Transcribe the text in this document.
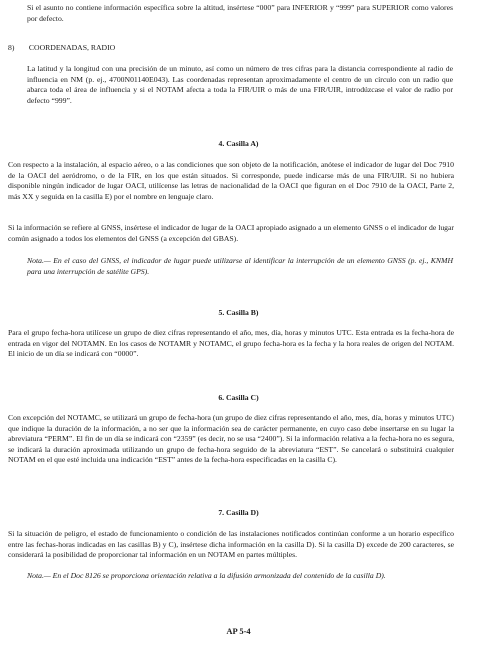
Si el asunto no contiene información específica sobre la altitud, insértese “000” para INFERIOR y “999” para SUPERIOR como valores por defecto.

8) COORDENADAS, RADIO

La latitud y la longitud con una precisión de un minuto, así como un número de tres cifras para la distancia correspondiente al radio de influencia en NM (p. ej., 4700N01140E043). Las coordenadas representan aproximadamente el centro de un círculo con un radio que abarca toda el área de influencia y si el NOTAM afecta a toda la FIR/UIR o más de una FIR/UIR, introdúzcase el valor de radio por defecto “999”.

4. Casilla A)

Con respecto a la instalación, al espacio aéreo, o a las condiciones que son objeto de la notificación, anótese el indicador de lugar del Doc 7910 de la OACI del aeródromo, o de la FIR, en los que están situados. Si corresponde, puede indicarse más de una FIR/UIR. Si no hubiera disponible ningún indicador de lugar OACI, utilícense las letras de nacionalidad de la OACI que figuran en el Doc 7910 de la OACI, Parte 2, más XX y seguida en la casilla E) por el nombre en lenguaje claro.

Si la información se refiere al GNSS, insértese el indicador de lugar de la OACI apropiado asignado a un elemento GNSS o el indicador de lugar común asignado a todos los elementos del GNSS (a excepción del GBAS).

Nota.— En el caso del GNSS, el indicador de lugar puede utilizarse al identificar la interrupción de un elemento GNSS (p. ej., KNMH para una interrupción de satélite GPS).

5. Casilla B)

Para el grupo fecha-hora utilícese un grupo de diez cifras representando el año, mes, día, horas y minutos UTC. Esta entrada es la fecha-hora de entrada en vigor del NOTAMN. En los casos de NOTAMR y NOTAMC, el grupo fecha-hora es la fecha y la hora reales de origen del NOTAM. El inicio de un día se indicará con “0000”.

6. Casilla C)

Con excepción del NOTAMC, se utilizará un grupo de fecha-hora (un grupo de diez cifras representando el año, mes, día, horas y minutos UTC) que indique la duración de la información, a no ser que la información sea de carácter permanente, en cuyo caso debe insertarse en su lugar la abreviatura “PERM”. El fin de un día se indicará con “2359” (es decir, no se usa “2400”). Si la información relativa a la fecha-hora no es segura, se indicará la duración aproximada utilizando un grupo de fecha-hora seguido de la abreviatura “EST”. Se cancelará o substituirá cualquier NOTAM en el que esté incluida una indicación “EST” antes de la fecha-hora especificadas en la casilla C).

7. Casilla D)

Si la situación de peligro, el estado de funcionamiento o condición de las instalaciones notificados continúan conforme a un horario específico entre las fechas-horas indicadas en las casillas B) y C), insértese dicha información en la casilla D). Si la casilla D) excede de 200 caracteres, se considerará la posibilidad de proporcionar tal información en un NOTAM en partes múltiples.

Nota.— En el Doc 8126 se proporciona orientación relativa a la difusión armonizada del contenido de la casilla D).

AP 5-4
